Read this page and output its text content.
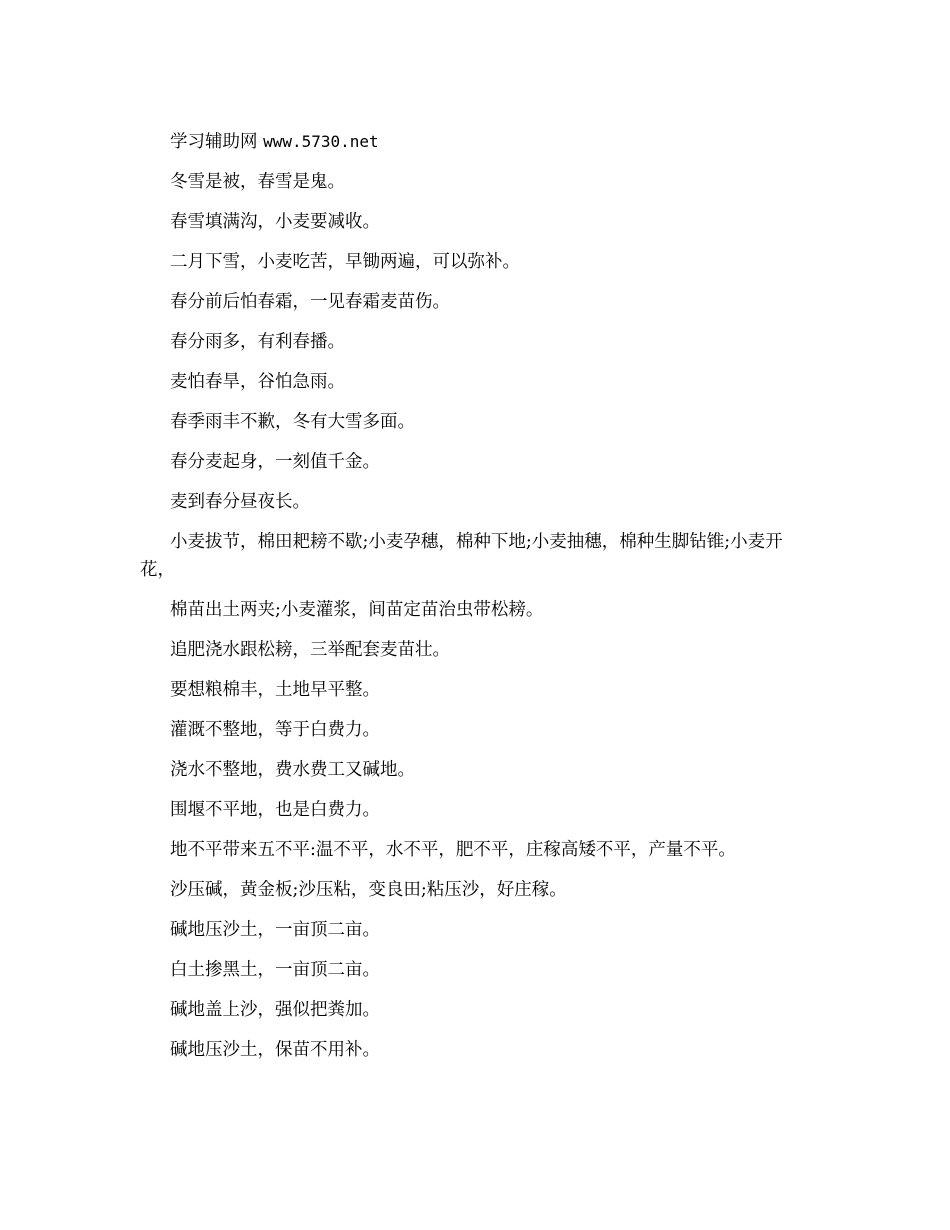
学习辅助网 www.5730.net

冬雪是被，春雪是鬼。

春雪填满沟，小麦要减收。

二月下雪，小麦吃苦，早锄两遍，可以弥补。

春分前后怕春霜，一见春霜麦苗伤。

春分雨多，有利春播。

麦怕春旱，谷怕急雨。

春季雨丰不歉，冬有大雪多面。

春分麦起身，一刻值千金。

麦到春分昼夜长。

小麦拔节，棉田耙耪不歇;小麦孕穗，棉种下地;小麦抽穗，棉种生脚钻锥;小麦开花，

棉苗出土两夹;小麦灌浆，间苗定苗治虫带松耪。

追肥浇水跟松耪，三举配套麦苗壮。

要想粮棉丰，土地早平整。

灌溉不整地，等于白费力。

浇水不整地，费水费工又碱地。

围堰不平地，也是白费力。

地不平带来五不平:温不平，水不平，肥不平，庄稼高矮不平，产量不平。

沙压碱，黄金板;沙压粘，变良田;粘压沙，好庄稼。

碱地压沙土，一亩顶二亩。

白土掺黑土，一亩顶二亩。

碱地盖上沙，强似把粪加。

碱地压沙土，保苗不用补。
